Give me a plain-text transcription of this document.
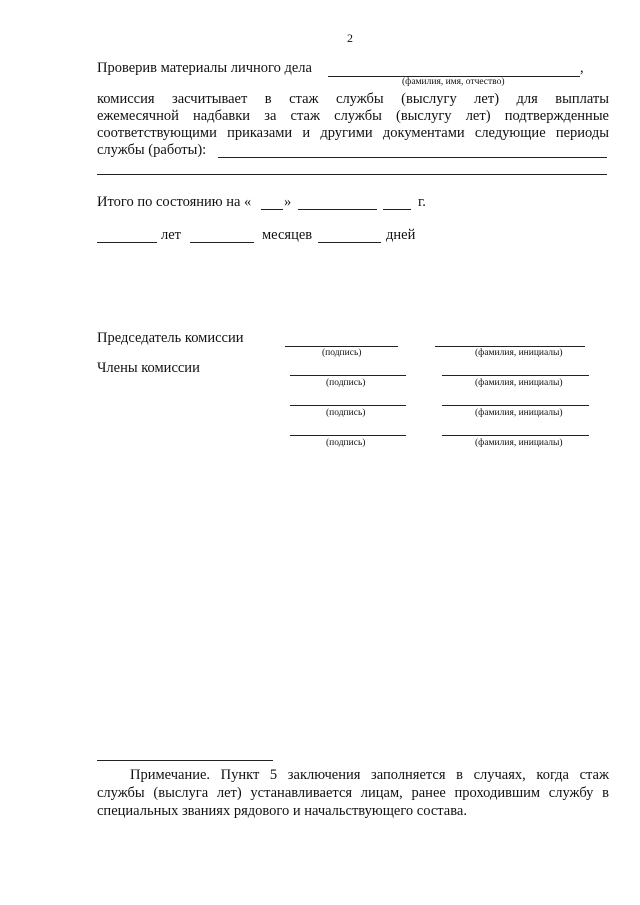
2
Проверив материалы личного дела	,
(фамилия, имя, отчество)
комиссия засчитывает в стаж службы (выслугу лет) для выплаты
ежемесячной надбавки за стаж службы (выслугу лет) подтвержденные
соответствующими приказами и другими документами следующие периоды
службы (работы):
Итого по состоянию на « »	г.
лет	месяцев	дней
Председатель комиссии
(подпись)	(фамилия, инициалы)
Члены комиссии
(подпись)	(фамилия, инициалы)
(подпись)	(фамилия, инициалы)
(подпись)	(фамилия, инициалы)
Примечание. Пункт 5 заключения заполняется в случаях, когда стаж
службы (выслуга лет) устанавливается лицам, ранее проходившим службу в
специальных званиях рядового и начальствующего состава.
